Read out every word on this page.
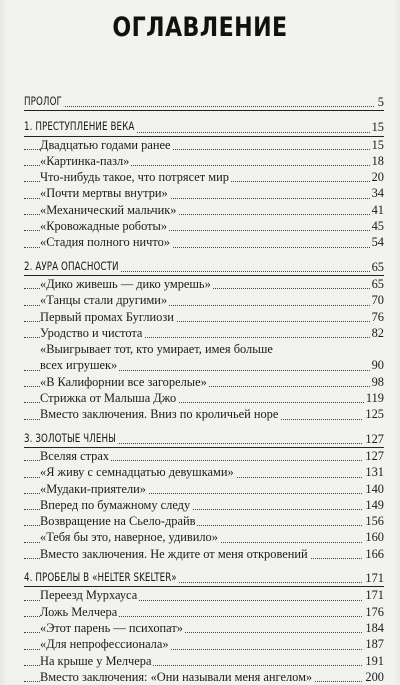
ОГЛАВЛЕНИЕ
ПРОЛОГ	5
1. ПРЕСТУПЛЕНИЕ ВЕКА	15
Двадцатью годами ранее	15
«Картинка-пазл»	18
Что-нибудь такое, что потрясет мир	20
«Почти мертвы внутри»	34
«Механический мальчик»	41
«Кровожадные роботы»	45
«Стадия полного ничто»	54
2. АУРА ОПАСНОСТИ	65
«Дико живешь — дико умрешь»	65
«Танцы стали другими»	70
Первый промах Буглиози	76
Уродство и чистота	82
«Выигрывает тот, кто умирает, имея больше
всех игрушек»	90
«В Калифорнии все загорелые»	98
Стрижка от Малыша Джо	119
Вместо заключения. Вниз по кроличьей норе	125
3. ЗОЛОТЫЕ ЧЛЕНЫ	127
Вселяя страх	127
«Я живу с семнадцатью девушками»	131
«Мудаки-приятели»	140
Вперед по бумажному следу	149
Возвращение на Сьело-драйв	156
«Тебя бы это, наверное, удивило»	160
Вместо заключения. Не ждите от меня откровений	166
4. ПРОБЕЛЫ В «HELTER SKELTER»	171
Переезд Мурхауса	171
Ложь Мелчера	176
«Этот парень — психопат»	184
«Для непрофессионала»	187
На крыше у Мелчера	191
Вместо заключения: «Они называли меня ангелом»	200
